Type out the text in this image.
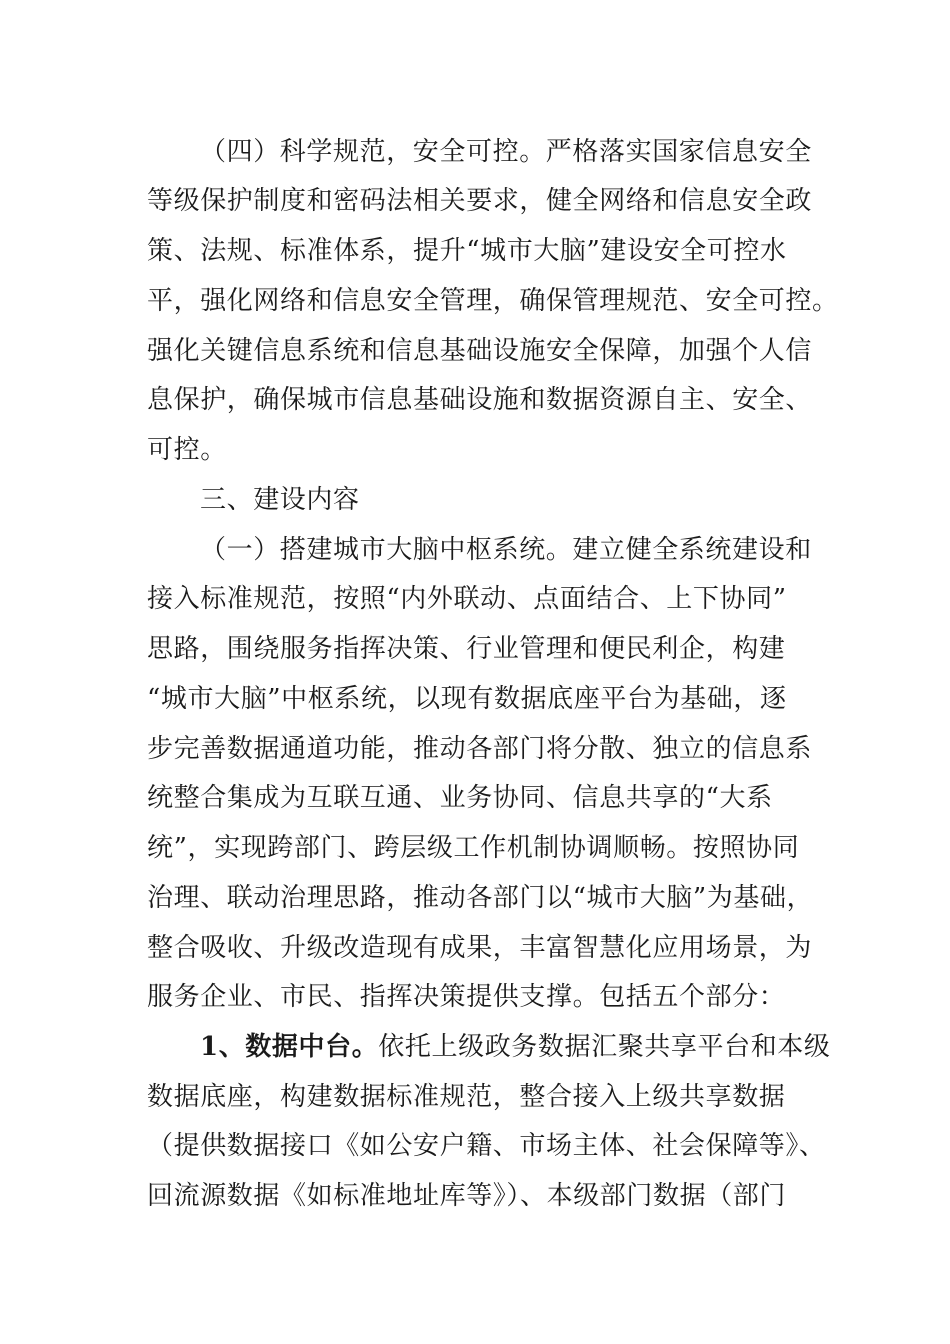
（四）科学规范，安全可控。严格落实国家信息安全
等级保护制度和密码法相关要求，健全网络和信息安全政
策、法规、标准体系，提升“城市大脑”建设安全可控水
平，强化网络和信息安全管理，确保管理规范、安全可控。
强化关键信息系统和信息基础设施安全保障，加强个人信
息保护，确保城市信息基础设施和数据资源自主、安全、
可控。
三、建设内容
（一）搭建城市大脑中枢系统。建立健全系统建设和
接入标准规范，按照“内外联动、点面结合、上下协同”
思路，围绕服务指挥决策、行业管理和便民利企，构建
“城市大脑”中枢系统，以现有数据底座平台为基础，逐
步完善数据通道功能，推动各部门将分散、独立的信息系
统整合集成为互联互通、业务协同、信息共享的“大系
统”，实现跨部门、跨层级工作机制协调顺畅。按照协同
治理、联动治理思路，推动各部门以“城市大脑”为基础，
整合吸收、升级改造现有成果，丰富智慧化应用场景，为
服务企业、市民、指挥决策提供支撑。包括五个部分：
1、数据中台。依托上级政务数据汇聚共享平台和本级
数据底座，构建数据标准规范，整合接入上级共享数据
（提供数据接口《如公安户籍、市场主体、社会保障等》、
回流源数据《如标准地址库等》）、本级部门数据（部门
